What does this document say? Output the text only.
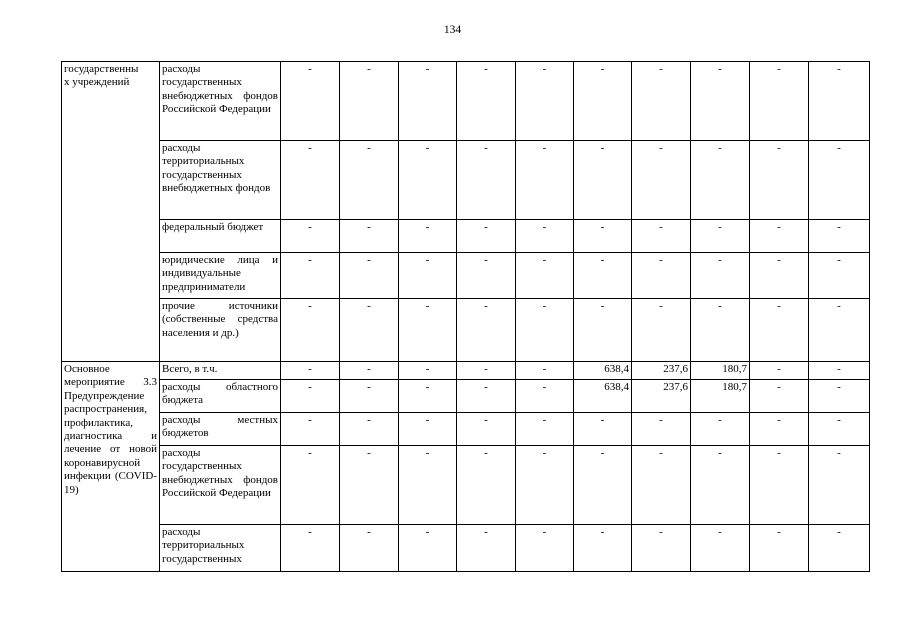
134
государственны
х учреждений	расходы государственных внебюджетных фондов Российской Федерации	-	-	-	-	-	-	-	-	-	-
	расходы территориальных государственных внебюджетных фондов	-	-	-	-	-	-	-	-	-	-
	федеральный бюджет	-	-	-	-	-	-	-	-	-	-
	юридические лица и индивидуальные предприниматели	-	-	-	-	-	-	-	-	-	-
	прочие источники (собственные средства населения и др.)	-	-	-	-	-	-	-	-	-	-
Основное мероприятие 3.3 Предупреждение распространения, профилактика, диагностика и лечение от новой коронавирусной инфекции (COVID-19)	Всего, в т.ч.	-	-	-	-	-	638,4	237,6	180,7	-	-
	расходы областного бюджета	-	-	-	-	-	638,4	237,6	180,7	-	-
	расходы местных бюджетов	-	-	-	-	-	-	-	-	-	-
	расходы государственных внебюджетных фондов Российской Федерации	-	-	-	-	-	-	-	-	-	-
	расходы территориальных государственных	-	-	-	-	-	-	-	-	-	-
